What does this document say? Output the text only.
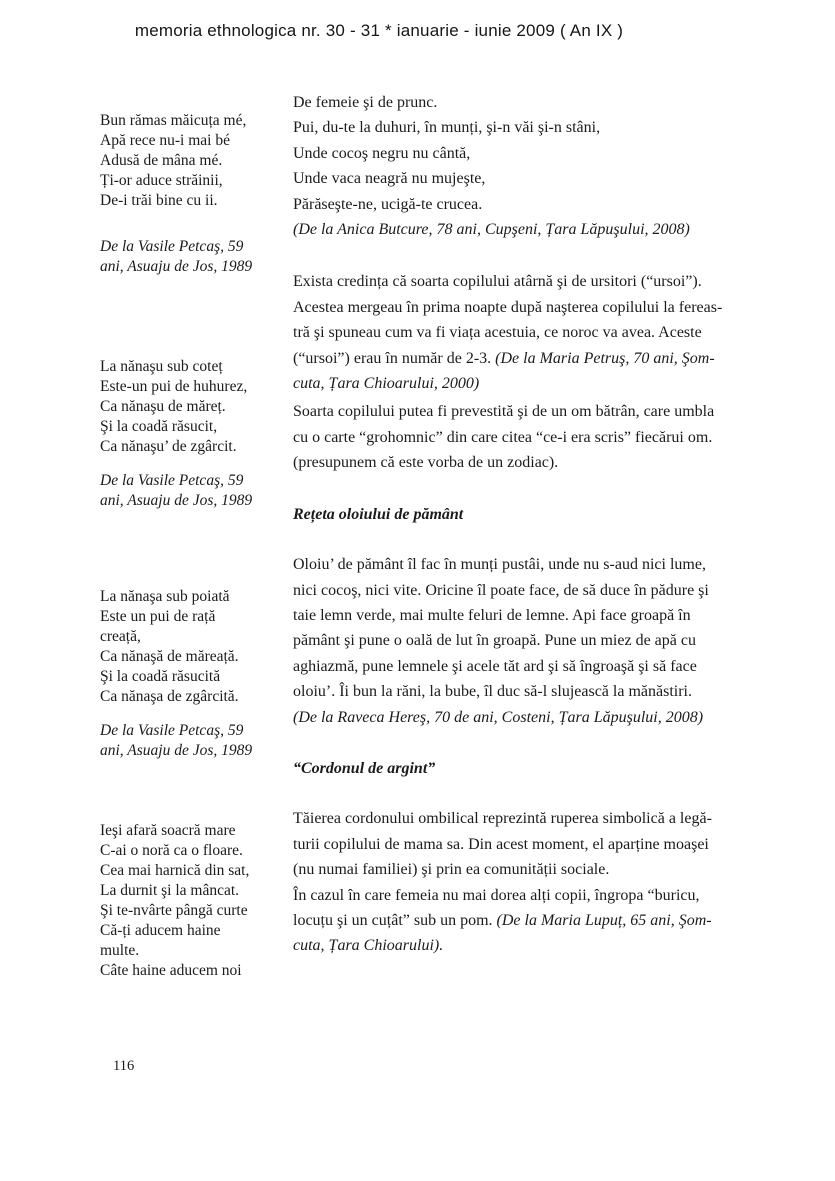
memoria ethnologica nr. 30 - 31 * ianuarie - iunie 2009 ( An IX )
Bun rămas măicuța mé,
Apă rece nu-i mai bé
Adusă de mâna mé.
Ți-or aduce străinii,
De-i trăi bine cu ii.
De la Vasile Petcaş, 59
ani, Asuaju de Jos, 1989
La nănaşu sub coteț
Este-un pui de huhurez,
Ca nănaşu de măreț.
Şi la coadă răsucit,
Ca nănaşu’ de zgârcit.
De la Vasile Petcaş, 59
ani, Asuaju de Jos, 1989
La nănaşa sub poiată
Este un pui de rață
creață,
Ca nănaşă de măreață.
Şi la coadă răsucită
Ca nănaşa de zgârcită.
De la Vasile Petcaş, 59
ani, Asuaju de Jos, 1989
Ieşi afară soacră mare
C-ai o noră ca o floare.
Cea mai harnică din sat,
La durnit şi la mâncat.
Şi te-nvârte pângă curte
Că-ți aducem haine
multe.
Câte haine aducem noi
De femeie şi de prunc.
Pui, du-te la duhuri, în munți, şi-n văi şi-n stâni,
Unde cocoş negru nu cântă,
Unde vaca neagră nu mujeşte,
Părăseşte-ne, ucigă-te crucea.
(De la Anica Butcure, 78 ani, Cupşeni, Țara Lăpuşului, 2008)
Exista credința că soarta copilului atârnă şi de ursitori (“ursoi”).
Acestea mergeau în prima noapte după naşterea copilului la fereas-
tră şi spuneau cum va fi viața acestuia, ce noroc va avea. Aceste
(“ursoi”) erau în număr de 2-3. (De la Maria Petruş, 70 ani, Şom-
cuta, Țara Chioarului, 2000)
Soarta copilului putea fi prevestită şi de un om bătrân, care umbla
cu o carte “grohomnic” din care citea “ce-i era scris” fiecărui om.
(presupunem că este vorba de un zodiac).
Rețeta oloiului de pământ
Oloiu’ de pământ îl fac în munți pustâi, unde nu s-aud nici lume,
nici cocoş, nici vite. Oricine îl poate face, de să duce în pădure şi
taie lemn verde, mai multe feluri de lemne. Api face groapă în
pământ şi pune o oală de lut în groapă. Pune un miez de apă cu
aghiazmă, pune lemnele şi acele tăt ard şi să îngroaşă şi să face
oloiu’. Îi bun la răni, la bube, îl duc să-l slujească la mănăstiri.
(De la Raveca Hereş, 70 de ani, Costeni, Țara Lăpuşului, 2008)
“Cordonul de argint”
Tăierea cordonului ombilical reprezintă ruperea simbolică a legă-
turii copilului de mama sa. Din acest moment, el aparține moaşei
(nu numai familiei) şi prin ea comunității sociale.
În cazul în care femeia nu mai dorea alți copii, îngropa “buricu,
locuțu şi un cuțât” sub un pom. (De la Maria Lupuț, 65 ani, Şom-
cuta, Țara Chioarului).
116
